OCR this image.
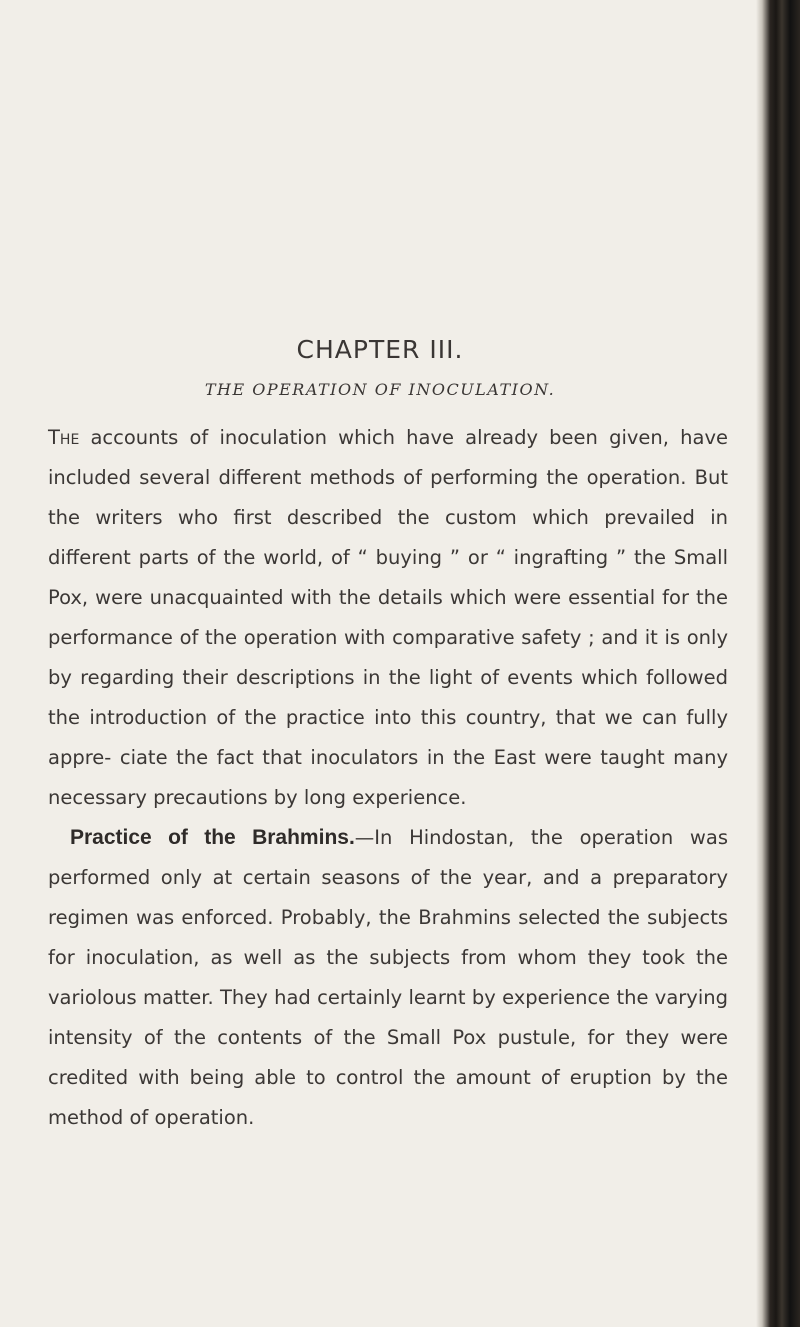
CHAPTER III.
THE OPERATION OF INOCULATION.

The accounts of inoculation which have already been given, have included several different methods of performing the operation. But the writers who first described the custom which prevailed in different parts of the world, of “ buying ” or “ ingrafting ” the Small Pox, were unacquainted with the details which were essential for the performance of the operation with comparative safety ; and it is only by regarding their descriptions in the light of events which followed the introduction of the practice into this country, that we can fully appre- ciate the fact that inoculators in the East were taught many necessary precautions by long experience.

Practice of the Brahmins.—In Hindostan, the operation was performed only at certain seasons of the year, and a preparatory regimen was enforced. Probably, the Brahmins selected the subjects for inoculation, as well as the subjects from whom they took the variolous matter. They had certainly learnt by experience the varying intensity of the contents of the Small Pox pustule, for they were credited with being able to control the amount of eruption by the method of operation.
